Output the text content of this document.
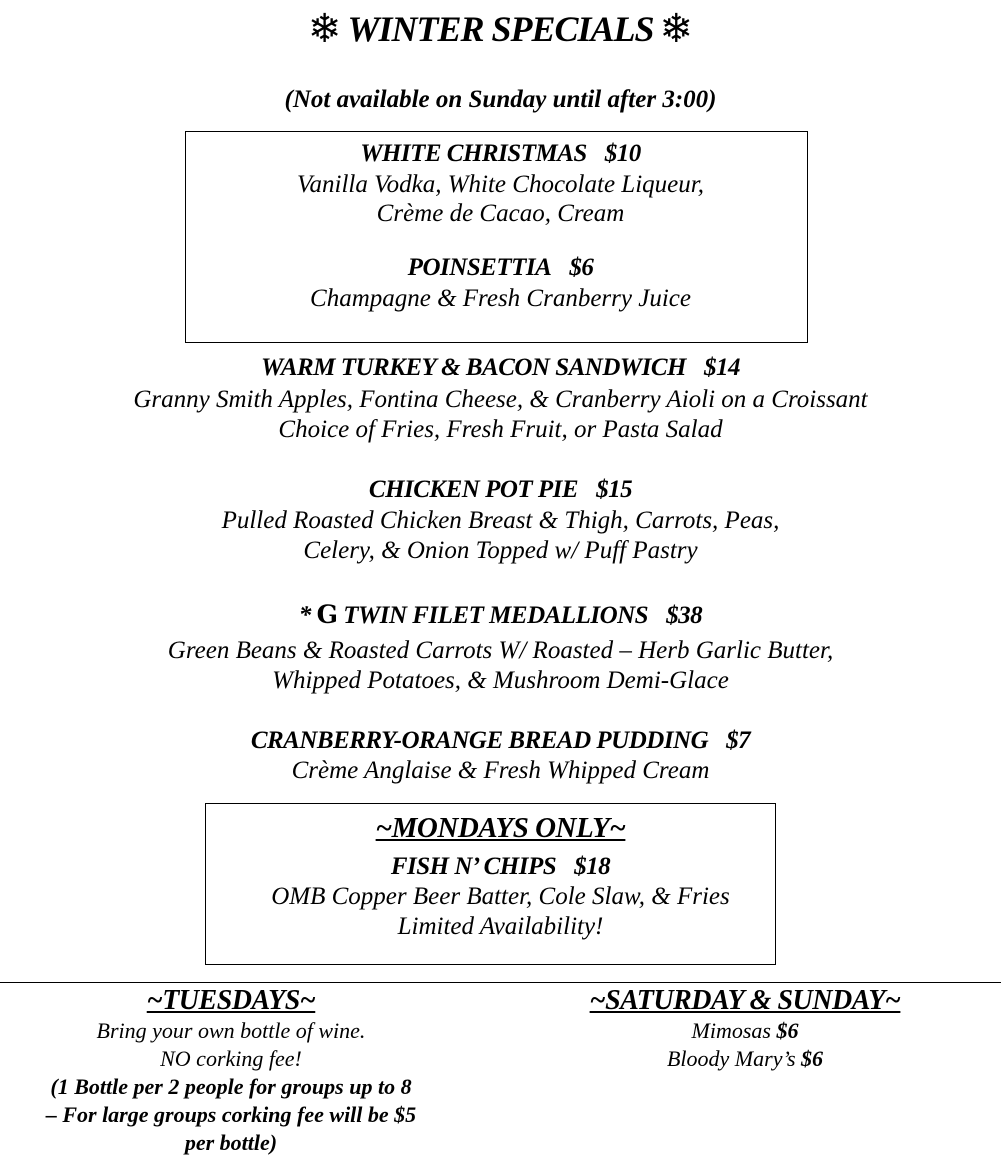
❄ WINTER SPECIALS ❄
(Not available on Sunday until after 3:00)
WHITE CHRISTMAS $10
Vanilla Vodka, White Chocolate Liqueur,
Crème de Cacao, Cream
POINSETTIA $6
Champagne & Fresh Cranberry Juice
WARM TURKEY & BACON SANDWICH $14
Granny Smith Apples, Fontina Cheese, & Cranberry Aioli on a Croissant
Choice of Fries, Fresh Fruit, or Pasta Salad
CHICKEN POT PIE $15
Pulled Roasted Chicken Breast & Thigh, Carrots, Peas,
Celery, & Onion Topped w/ Puff Pastry
* G TWIN FILET MEDALLIONS $38
Green Beans & Roasted Carrots W/ Roasted – Herb Garlic Butter,
Whipped Potatoes, & Mushroom Demi-Glace
CRANBERRY-ORANGE BREAD PUDDING $7
Crème Anglaise & Fresh Whipped Cream
~MONDAYS ONLY~
FISH N’ CHIPS $18
OMB Copper Beer Batter, Cole Slaw, & Fries
Limited Availability!
~TUESDAYS~
Bring your own bottle of wine.
NO corking fee!
(1 Bottle per 2 people for groups up to 8
– For large groups corking fee will be $5
per bottle)
~SATURDAY & SUNDAY~
Mimosas $6
Bloody Mary’s $6
